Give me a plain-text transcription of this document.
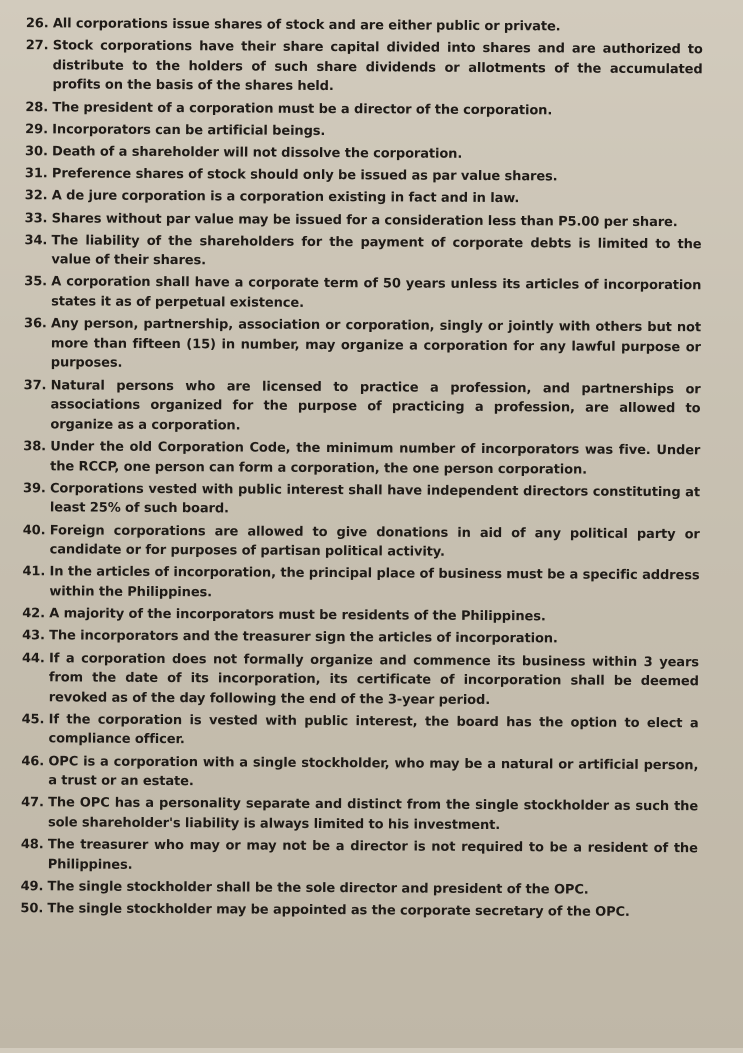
26. All corporations issue shares of stock and are either public or private.
27. Stock corporations have their share capital divided into shares and are authorized to distribute to the holders of such share dividends or allotments of the accumulated profits on the basis of the shares held.
28. The president of a corporation must be a director of the corporation.
29. Incorporators can be artificial beings.
30. Death of a shareholder will not dissolve the corporation.
31. Preference shares of stock should only be issued as par value shares.
32. A de jure corporation is a corporation existing in fact and in law.
33. Shares without par value may be issued for a consideration less than P5.00 per share.
34. The liability of the shareholders for the payment of corporate debts is limited to the value of their shares.
35. A corporation shall have a corporate term of 50 years unless its articles of incorporation states it as of perpetual existence.
36. Any person, partnership, association or corporation, singly or jointly with others but not more than fifteen (15) in number, may organize a corporation for any lawful purpose or purposes.
37. Natural persons who are licensed to practice a profession, and partnerships or associations organized for the purpose of practicing a profession, are allowed to organize as a corporation.
38. Under the old Corporation Code, the minimum number of incorporators was five. Under the RCCP, one person can form a corporation, the one person corporation.
39. Corporations vested with public interest shall have independent directors constituting at least 25% of such board.
40. Foreign corporations are allowed to give donations in aid of any political party or candidate or for purposes of partisan political activity.
41. In the articles of incorporation, the principal place of business must be a specific address within the Philippines.
42. A majority of the incorporators must be residents of the Philippines.
43. The incorporators and the treasurer sign the articles of incorporation.
44. If a corporation does not formally organize and commence its business within 3 years from the date of its incorporation, its certificate of incorporation shall be deemed revoked as of the day following the end of the 3-year period.
45. If the corporation is vested with public interest, the board has the option to elect a compliance officer.
46. OPC is a corporation with a single stockholder, who may be a natural or artificial person, a trust or an estate.
47. The OPC has a personality separate and distinct from the single stockholder as such the sole shareholder's liability is always limited to his investment.
48. The treasurer who may or may not be a director is not required to be a resident of the Philippines.
49. The single stockholder shall be the sole director and president of the OPC.
50. The single stockholder may be appointed as the corporate secretary of the OPC.
